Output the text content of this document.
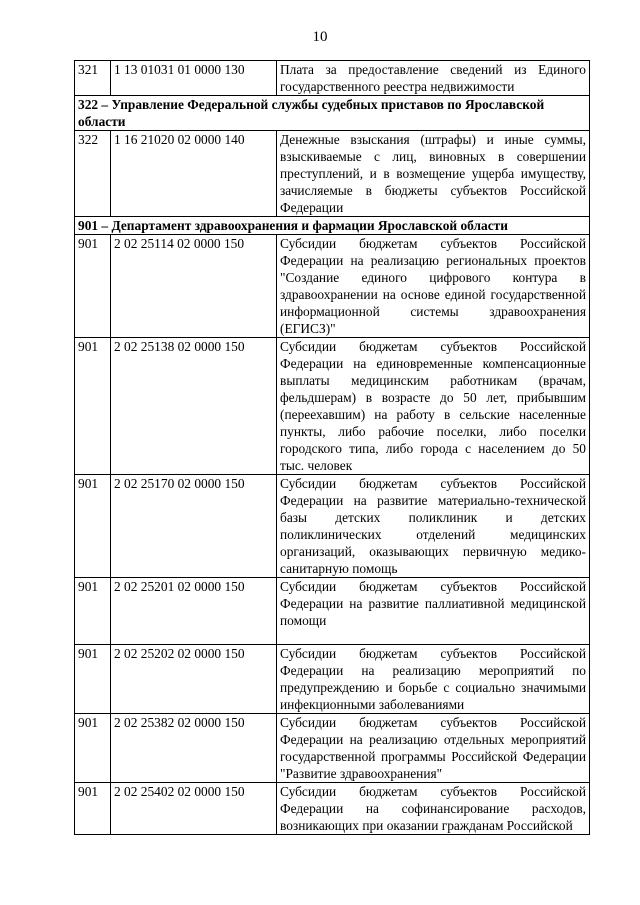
10
321	1 13 01031 01 0000 130	Плата за предоставление сведений из Единого государственного реестра недвижимости
322 – Управление Федеральной службы судебных приставов по Ярославской области		
322	1 16 21020 02 0000 140	Денежные взыскания (штрафы) и иные суммы, взыскиваемые с лиц, виновных в совершении преступлений, и в возмещение ущерба имуществу, зачисляемые в бюджеты субъектов Российской Федерации
901 – Департамент здравоохранения и фармации Ярославской области		
901	2 02 25114 02 0000 150	Субсидии бюджетам субъектов Российской Федерации на реализацию региональных проектов "Создание единого цифрового контура в здравоохранении на основе единой государственной информационной системы здравоохранения (ЕГИСЗ)"
901	2 02 25138 02 0000 150	Субсидии бюджетам субъектов Российской Федерации на единовременные компенсационные выплаты медицинским работникам (врачам, фельдшерам) в возрасте до 50 лет, прибывшим (переехавшим) на работу в сельские населенные пункты, либо рабочие поселки, либо поселки городского типа, либо города с населением до 50 тыс. человек
901	2 02 25170 02 0000 150	Субсидии бюджетам субъектов Российской Федерации на развитие материально-технической базы детских поликлиник и детских поликлинических отделений медицинских организаций, оказывающих первичную медико-санитарную помощь
901	2 02 25201 02 0000 150	Субсидии бюджетам субъектов Российской Федерации на развитие паллиативной медицинской помощи
901	2 02 25202 02 0000 150	Субсидии бюджетам субъектов Российской Федерации на реализацию мероприятий по предупреждению и борьбе с социально значимыми инфекционными заболеваниями
901	2 02 25382 02 0000 150	Субсидии бюджетам субъектов Российской Федерации на реализацию отдельных мероприятий государственной программы Российской Федерации "Развитие здравоохранения"
901	2 02 25402 02 0000 150	Субсидии бюджетам субъектов Российской Федерации на софинансирование расходов, возникающих при оказании гражданам Российской
